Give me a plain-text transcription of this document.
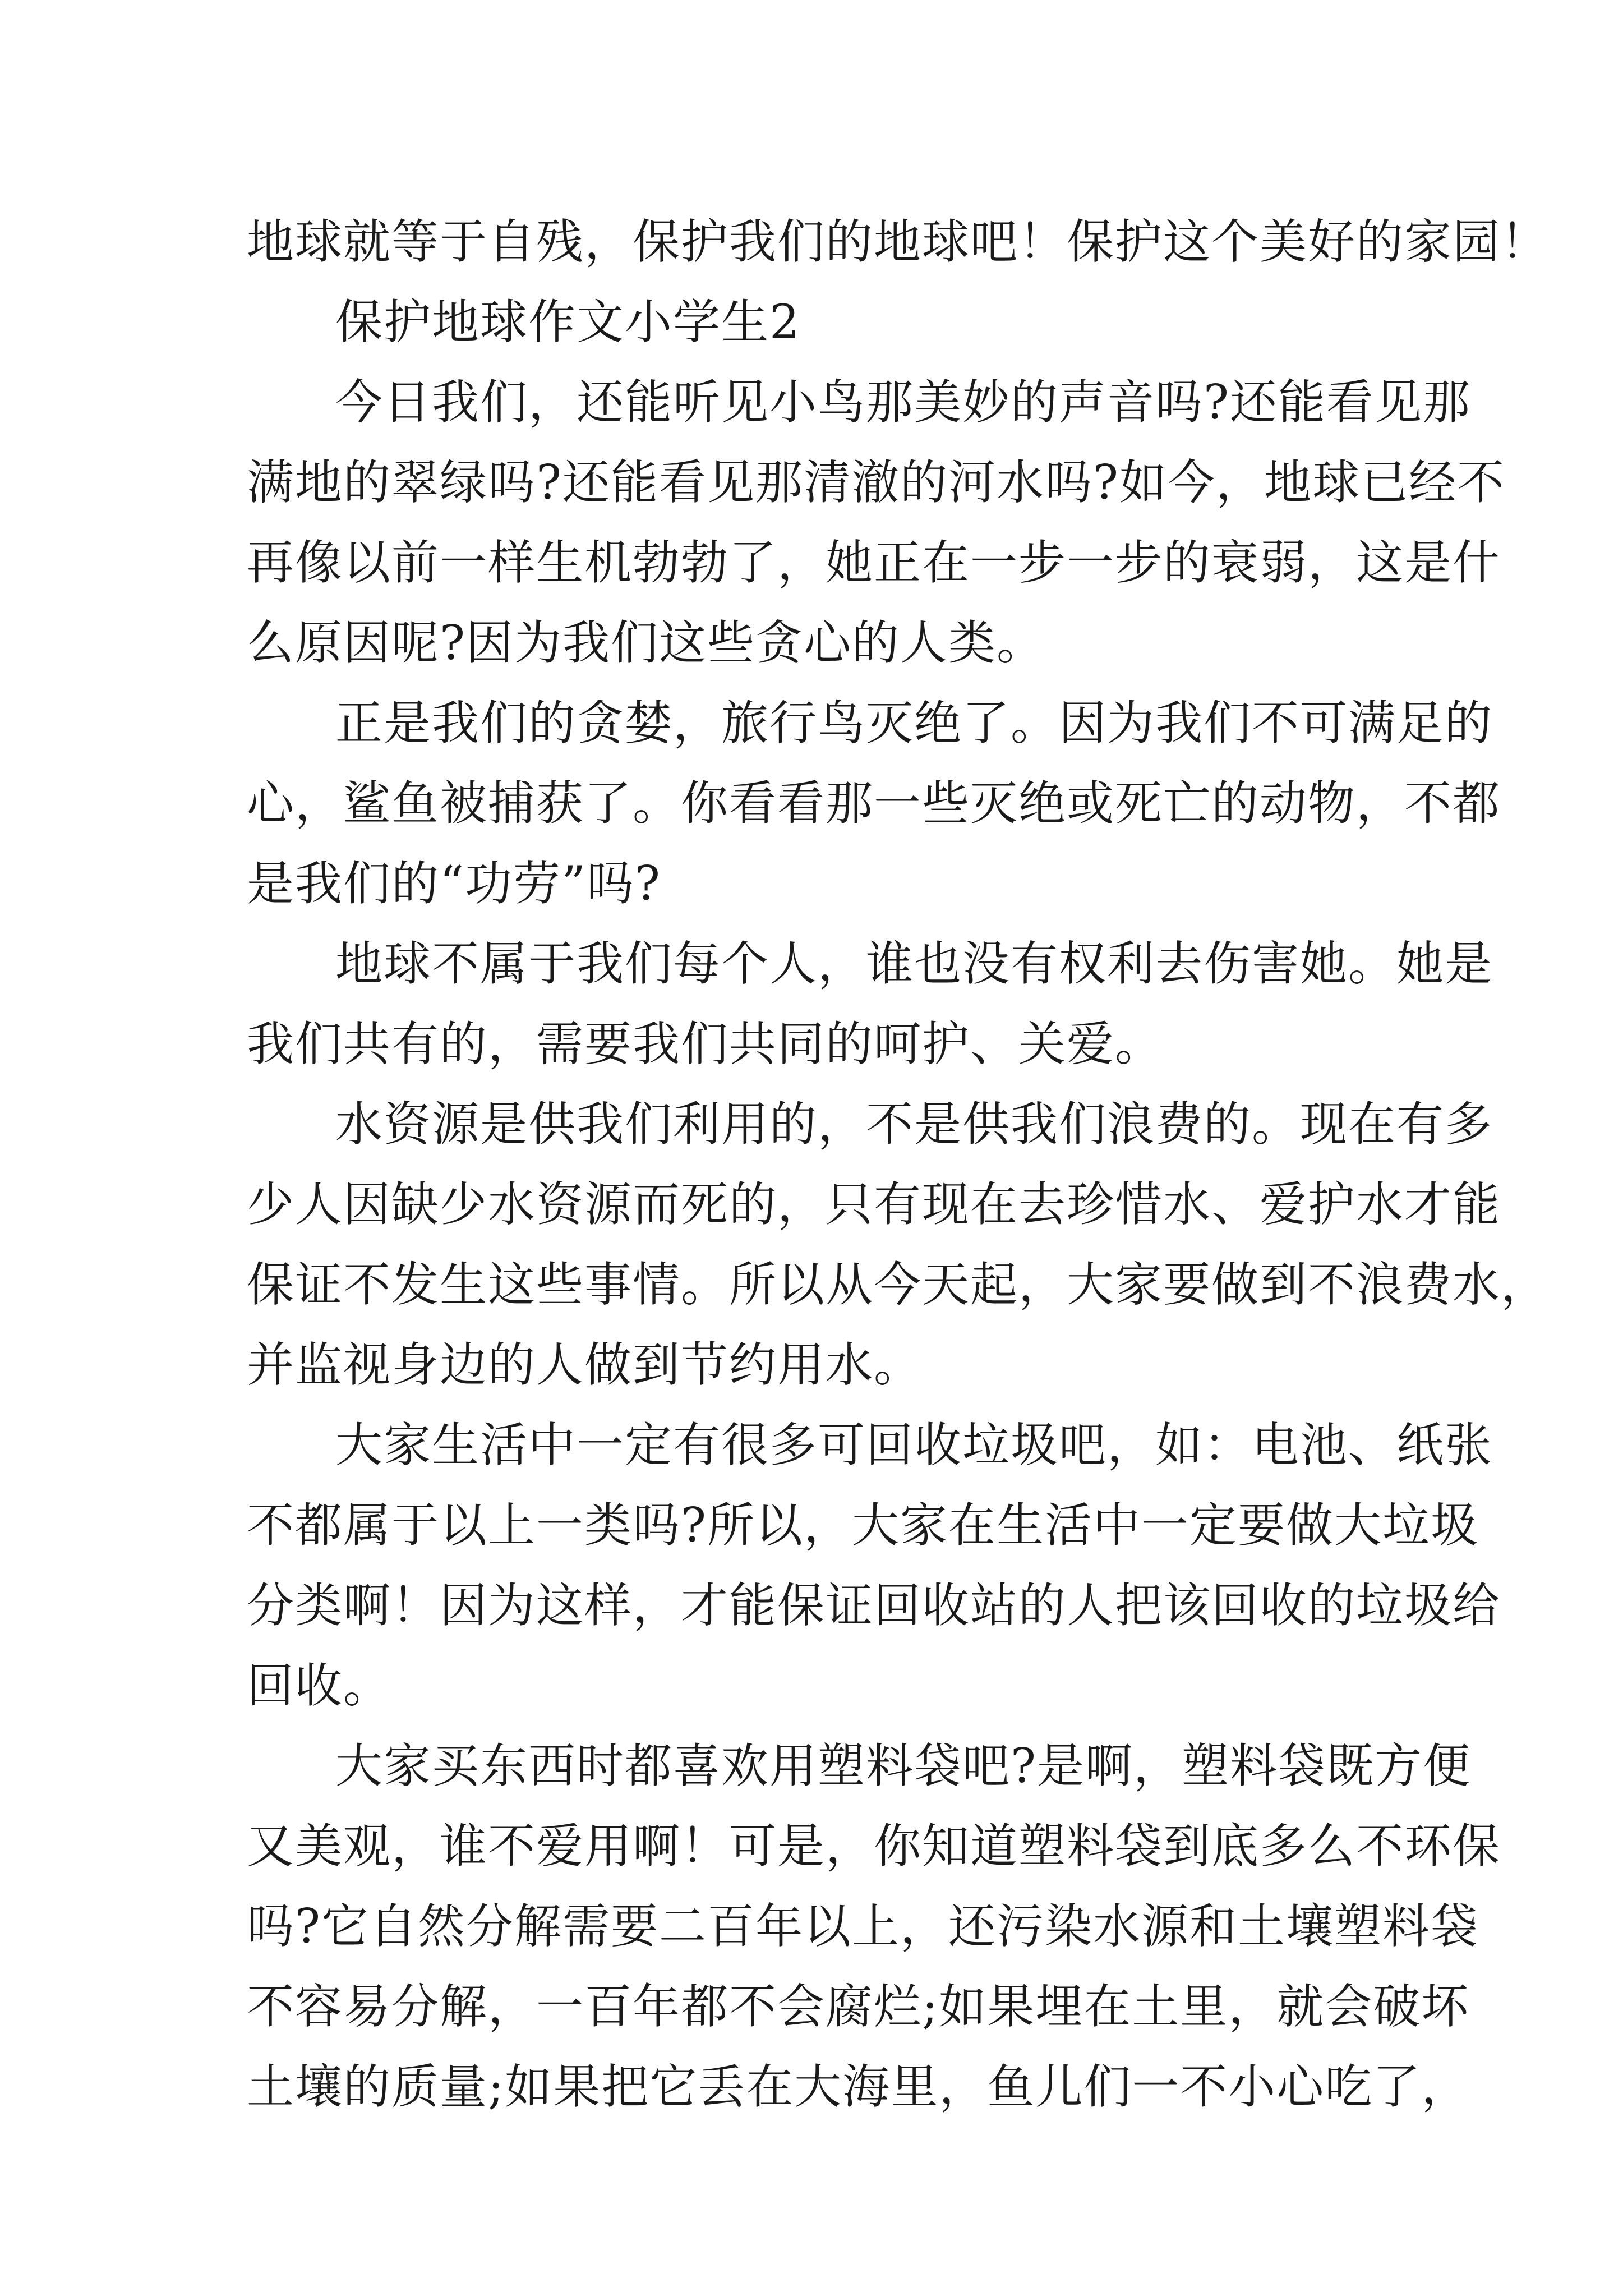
地球就等于自残，保护我们的地球吧！保护这个美好的家园！
保护地球作文小学生2
今日我们，还能听见小鸟那美妙的声音吗?还能看见那
满地的翠绿吗?还能看见那清澈的河水吗?如今，地球已经不
再像以前一样生机勃勃了，她正在一步一步的衰弱，这是什
么原因呢?因为我们这些贪心的人类。
正是我们的贪婪，旅行鸟灭绝了。因为我们不可满足的
心，鲨鱼被捕获了。你看看那一些灭绝或死亡的动物，不都
是我们的“功劳”吗?
地球不属于我们每个人，谁也没有权利去伤害她。她是
我们共有的，需要我们共同的呵护、关爱。
水资源是供我们利用的，不是供我们浪费的。现在有多
少人因缺少水资源而死的，只有现在去珍惜水、爱护水才能
保证不发生这些事情。所以从今天起，大家要做到不浪费水，
并监视身边的人做到节约用水。
大家生活中一定有很多可回收垃圾吧，如：电池、纸张
不都属于以上一类吗?所以，大家在生活中一定要做大垃圾
分类啊！因为这样，才能保证回收站的人把该回收的垃圾给
回收。
大家买东西时都喜欢用塑料袋吧?是啊，塑料袋既方便
又美观，谁不爱用啊！可是，你知道塑料袋到底多么不环保
吗?它自然分解需要二百年以上，还污染水源和土壤塑料袋
不容易分解，一百年都不会腐烂;如果埋在土里，就会破坏
土壤的质量;如果把它丢在大海里，鱼儿们一不小心吃了，
